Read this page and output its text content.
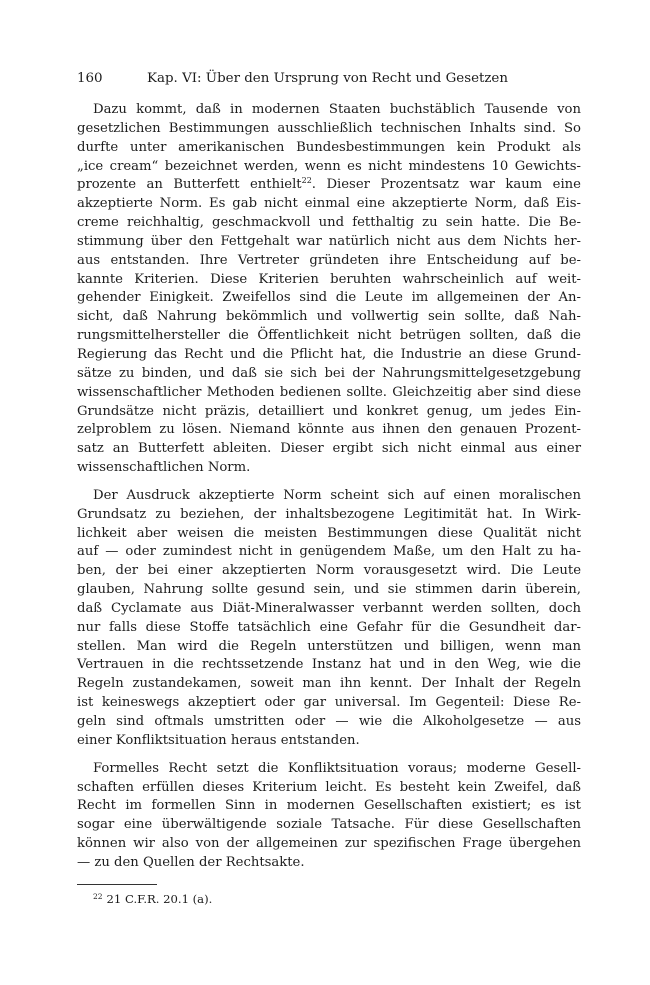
160	Kap. VI: Über den Ursprung von Recht und Gesetzen

Dazu kommt, daß in modernen Staaten buchstäblich Tausende von
gesetzlichen Bestimmungen ausschließlich technischen Inhalts sind. So
durfte unter amerikanischen Bundesbestimmungen kein Produkt als
„ice cream“ bezeichnet werden, wenn es nicht mindestens 10 Gewichts-
prozente an Butterfett enthielt$^{22}$. Dieser Prozentsatz war kaum eine
akzeptierte Norm. Es gab nicht einmal eine akzeptierte Norm, daß Eis-
creme reichhaltig, geschmackvoll und fetthaltig zu sein hatte. Die Be-
stimmung über den Fettgehalt war natürlich nicht aus dem Nichts her-
aus entstanden. Ihre Vertreter gründeten ihre Entscheidung auf be-
kannte Kriterien. Diese Kriterien beruhten wahrscheinlich auf weit-
gehender Einigkeit. Zweifellos sind die Leute im allgemeinen der An-
sicht, daß Nahrung bekömmlich und vollwertig sein sollte, daß Nah-
rungsmittelhersteller die Öffentlichkeit nicht betrügen sollten, daß die
Regierung das Recht und die Pflicht hat, die Industrie an diese Grund-
sätze zu binden, und daß sie sich bei der Nahrungsmittelgesetzgebung
wissenschaftlicher Methoden bedienen sollte. Gleichzeitig aber sind diese
Grundsätze nicht präzis, detailliert und konkret genug, um jedes Ein-
zelproblem zu lösen. Niemand könnte aus ihnen den genauen Prozent-
satz an Butterfett ableiten. Dieser ergibt sich nicht einmal aus einer
wissenschaftlichen Norm.

Der Ausdruck akzeptierte Norm scheint sich auf einen moralischen
Grundsatz zu beziehen, der inhaltsbezogene Legitimität hat. In Wirk-
lichkeit aber weisen die meisten Bestimmungen diese Qualität nicht
auf — oder zumindest nicht in genügendem Maße, um den Halt zu ha-
ben, der bei einer akzeptierten Norm vorausgesetzt wird. Die Leute
glauben, Nahrung sollte gesund sein, und sie stimmen darin überein,
daß Cyclamate aus Diät-Mineralwasser verbannt werden sollten, doch
nur falls diese Stoffe tatsächlich eine Gefahr für die Gesundheit dar-
stellen. Man wird die Regeln unterstützen und billigen, wenn man
Vertrauen in die rechtssetzende Instanz hat und in den Weg, wie die
Regeln zustandekamen, soweit man ihn kennt. Der Inhalt der Regeln
ist keineswegs akzeptiert oder gar universal. Im Gegenteil: Diese Re-
geln sind oftmals umstritten oder — wie die Alkoholgesetze — aus
einer Konfliktsituation heraus entstanden.

Formelles Recht setzt die Konfliktsituation voraus; moderne Gesell-
schaften erfüllen dieses Kriterium leicht. Es besteht kein Zweifel, daß
Recht im formellen Sinn in modernen Gesellschaften existiert; es ist
sogar eine überwältigende soziale Tatsache. Für diese Gesellschaften
können wir also von der allgemeinen zur spezifischen Frage übergehen
— zu den Quellen der Rechtsakte.

$^{22}$ 21 C.F.R. 20.1 (a).
